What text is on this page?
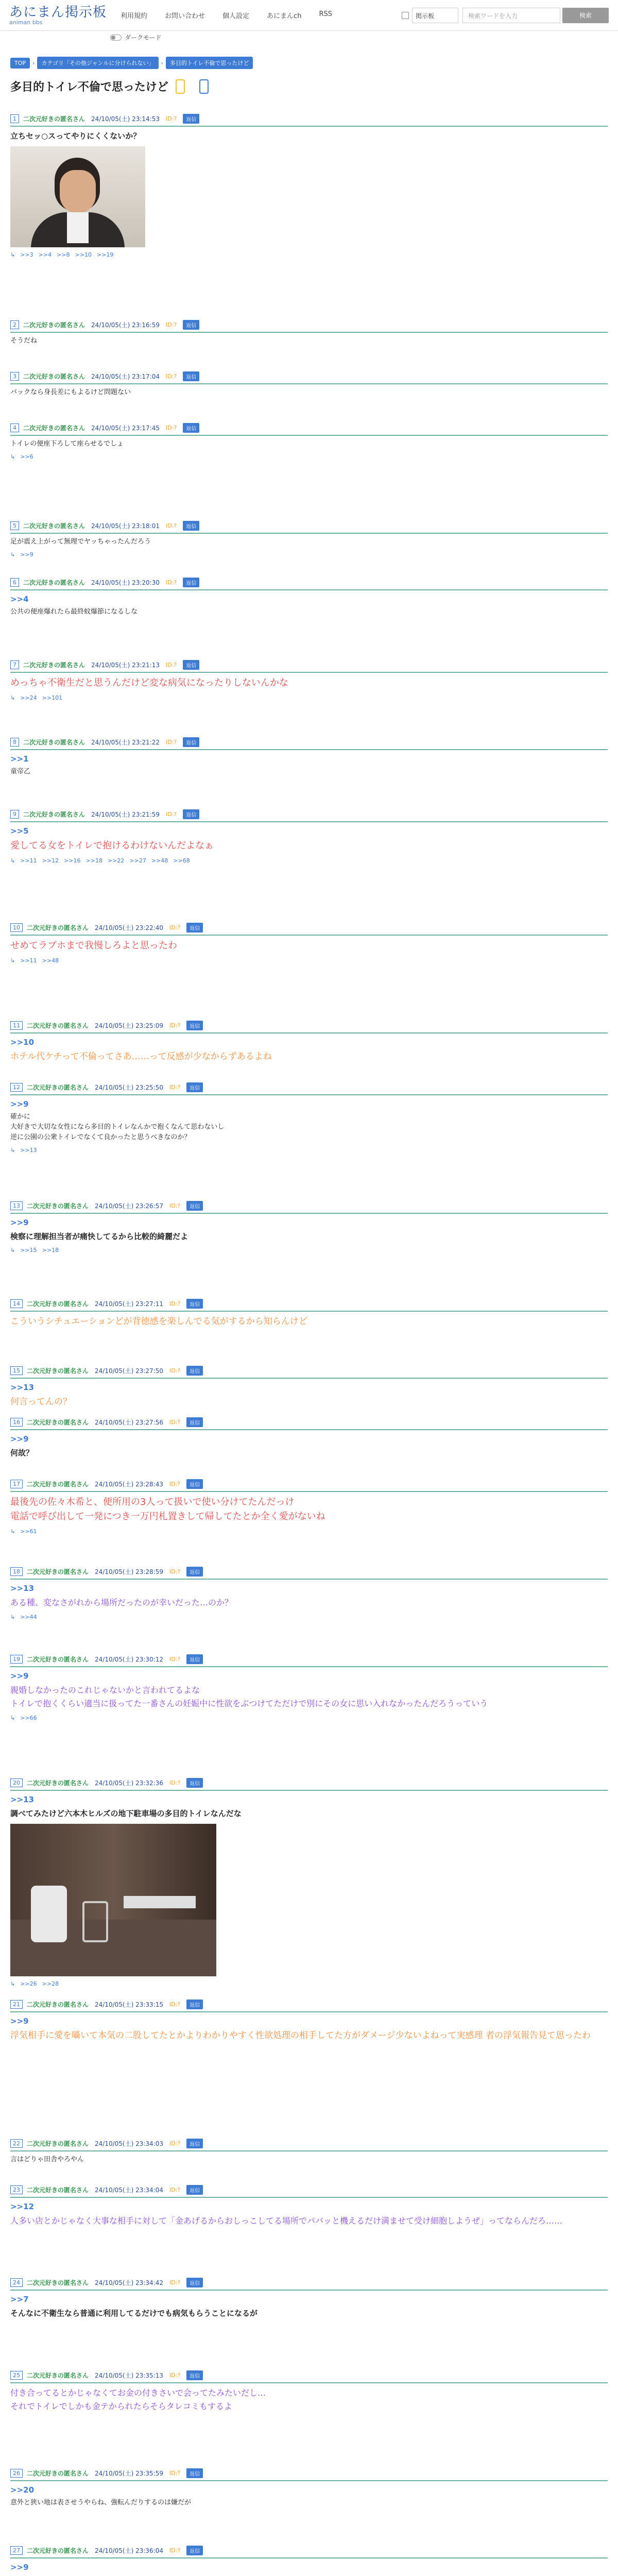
あにまん掲示板
animan bbs
利用規約	お問い合わせ	個人設定	あにまんch	RSS	掲示板	検索ワードを入力	検索
ダークモード
TOP	›	カテゴリ「その他ジャンルに分けられない」	›	多目的トイレ不倫で思ったけど
多目的トイレ不倫で思ったけど
1	二次元好きの匿名さん 24/10/05(土) 23:14:53 ID:?	返信
立ちセッ○スってやりにくくないか？
↳ >>3 >>4 >>8 >>10 >>19
2	二次元好きの匿名さん 24/10/05(土) 23:16:59 ID:?	返信
そうだね
3	二次元好きの匿名さん 24/10/05(土) 23:17:04 ID:?	返信
バックなら身長差にもよるけど問題ない
4	二次元好きの匿名さん 24/10/05(土) 23:17:45 ID:?	返信
トイレの便座下ろして座らせるでしょ
↳ >>6
5	二次元好きの匿名さん 24/10/05(土) 23:18:01 ID:?	返信
足が震え上がって無理でヤッちゃったんだろう
↳ >>9
6	二次元好きの匿名さん 24/10/05(土) 23:20:30 ID:?	返信
>>4
公共の便座爆れたら最終蚊爆節になるしな
7	二次元好きの匿名さん 24/10/05(土) 23:21:13 ID:?	返信
めっちゃ不衛生だと思うんだけど変な病気になったりしないんかな
↳ >>24 >>101
8	二次元好きの匿名さん 24/10/05(土) 23:21:22 ID:?	返信
>>1
童帝乙
9	二次元好きの匿名さん 24/10/05(土) 23:21:59 ID:?	返信
>>5
愛してる女をトイレで抱けるわけないんだよなぁ
↳ >>11 >>12 >>16 >>18 >>22 >>27 >>48 >>68
10	二次元好きの匿名さん 24/10/05(土) 23:22:40 ID:?	返信
せめてラブホまで我慢しろよと思ったわ
↳ >>11 >>48
11	二次元好きの匿名さん 24/10/05(土) 23:25:09 ID:?	返信
>>10
ホテル代ケチって不倫ってさあ……って反感が少なからずあるよね
12	二次元好きの匿名さん 24/10/05(土) 23:25:50 ID:?	返信
>>9
確かに
大好きで大切な女性になら多目的トイレなんかで抱くなんて思わないし
逆に公園の公衆トイレでなくて良かったと思うべきなのか？
↳ >>13
13	二次元好きの匿名さん 24/10/05(土) 23:26:57 ID:?	返信
>>9
検察に理解担当者が痛快してるから比較的綺麗だよ
↳ >>15 >>18
14	二次元好きの匿名さん 24/10/05(土) 23:27:11 ID:?	返信
こういうシチュエーションどが背徳感を楽しんでる気がするから知らんけど
15	二次元好きの匿名さん 24/10/05(土) 23:27:50 ID:?	返信
>>13
何言ってんの？
16	二次元好きの匿名さん 24/10/05(土) 23:27:56 ID:?	返信
>>9
何故？
17	二次元好きの匿名さん 24/10/05(土) 23:28:43 ID:?	返信
最後先の佐々木希と、便所用の3人って扱いで使い分けてたんだっけ
電話で呼び出して一発につき一万円札置きして帰してたとか全く愛がないね
↳ >>61
18	二次元好きの匿名さん 24/10/05(土) 23:28:59 ID:?	返信
>>13
ある種、変なさがれから場所だったのが幸いだった…のか？
↳ >>44
19	二次元好きの匿名さん 24/10/05(土) 23:30:12 ID:?	返信
>>9
親婚しなかったのこれじゃないかと言われてるよな
トイレで抱くくらい適当に扱ってた一番さんの妊娠中に性欲をぶつけてただけで別にその女に思い入れなかったんだろうっていう
↳ >>66
20	二次元好きの匿名さん 24/10/05(土) 23:32:36 ID:?	返信
>>13
調べてみたけど六本木ヒルズの地下駐車場の多目的トイレなんだな
↳ >>26 >>28
21	二次元好きの匿名さん 24/10/05(土) 23:33:15 ID:?	返信
>>9
浮気相手に愛を囁いて本気の二股してたとかよりわかりやすく性欲処理の相手してた方がダメージ少ないよねって実感理 者の浮気報告見て思ったわ
22	二次元好きの匿名さん 24/10/05(土) 23:34:03 ID:?	返信
言はどりゃ田舎やろやん
23	二次元好きの匿名さん 24/10/05(土) 23:34:04 ID:?	返信
>>12
人多い店とかじゃなく大事な相手に対して「金あげるからおしっこしてる場所でパパッと機えるだけ満ませて受け細胞しようぜ」ってならんだろ……
24	二次元好きの匿名さん 24/10/05(土) 23:34:42 ID:?	返信
>>7
そんなに不衛生なら普通に利用してるだけでも病気もらうことになるが
25	二次元好きの匿名さん 24/10/05(土) 23:35:13 ID:?	返信
付き合ってるとかじゃなくてお金の付きさいで会ってたみたいだし…
それでトイレでしかも金テかられたらそらタレコミもするよ
26	二次元好きの匿名さん 24/10/05(土) 23:35:59 ID:?	返信
>>20
意外と狭い地は表させうやらね、強転んだりするのは嫌だが
27	二次元好きの匿名さん 24/10/05(土) 23:36:04 ID:?	返信
>>9
